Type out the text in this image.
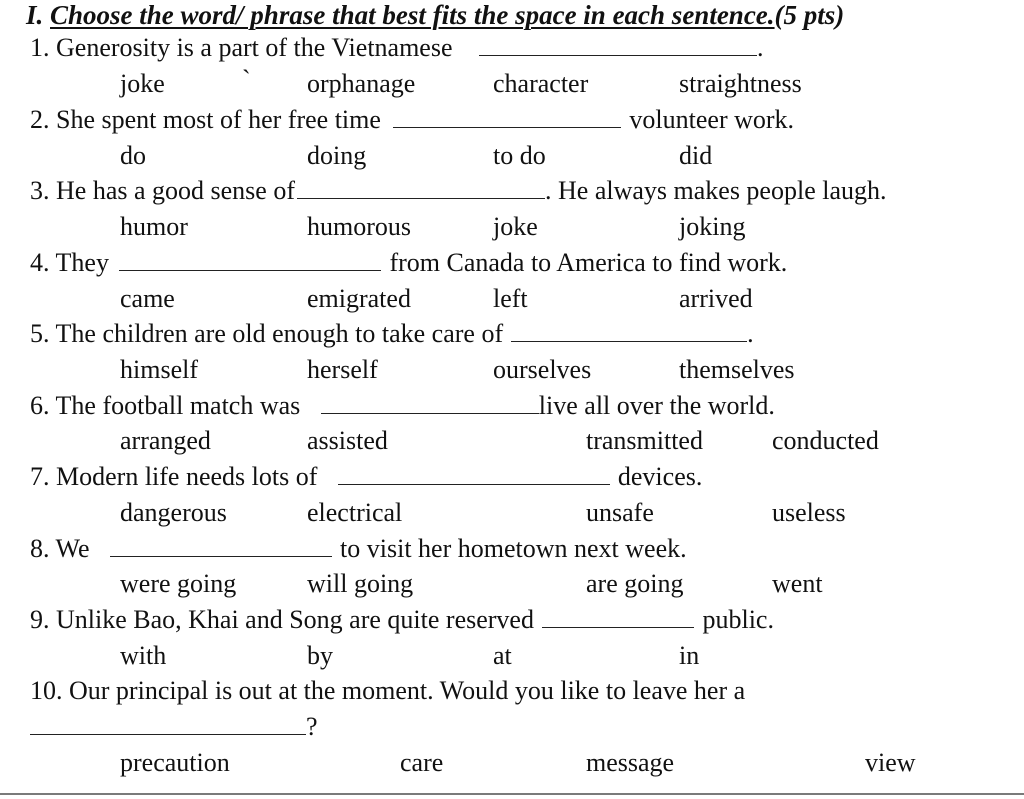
I. Choose the word/ phrase that best fits the space in each sentence.(5 pts)
1. Generosity is a part of the Vietnamese	.
joke	` orphanage	character	straightness
2. She spent most of her free time	volunteer work.
do	doing	to do	did
3. He has a good sense of	. He always makes people laugh.
humor	humorous	joke	joking
4. They	from Canada to America to find work.
came	emigrated	left	arrived
5. The children are old enough to take care of	.
himself	herself	ourselves	themselves
6. The football match was	live all over the world.
arranged	assisted	transmitted	conducted
7. Modern life needs lots of	devices.
dangerous	electrical	unsafe	useless
8. We	to visit her hometown next week.
were going	will going	are going	went
9. Unlike Bao, Khai and Song are quite reserved	public.
with	by	at	in
10. Our principal is out at the moment. Would you like to leave her a
?
precaution	care	message	view
